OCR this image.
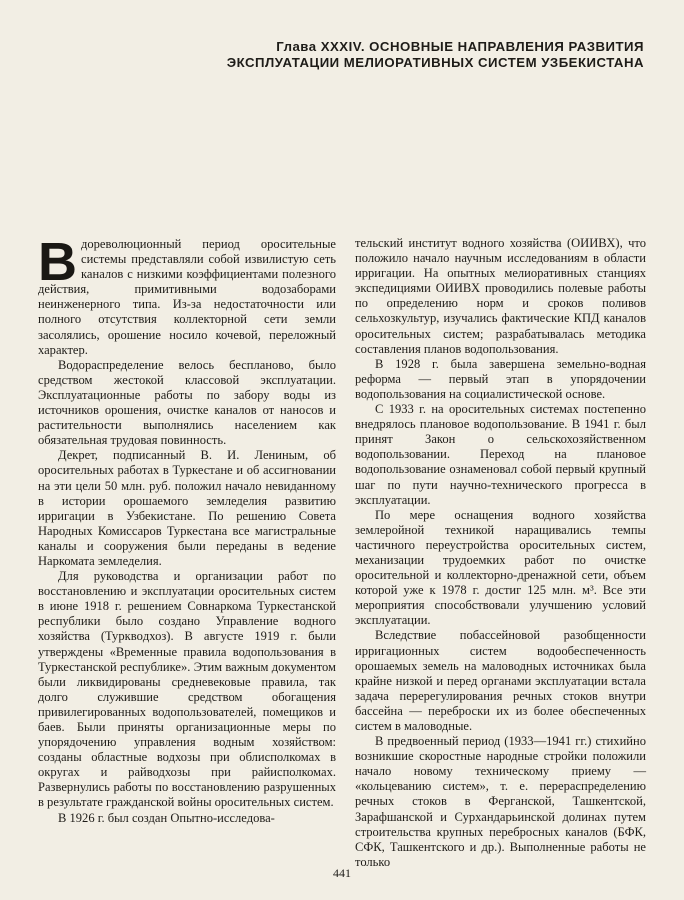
Глава XXXIV. ОСНОВНЫЕ НАПРАВЛЕНИЯ РАЗВИТИЯ
ЭКСПЛУАТАЦИИ МЕЛИОРАТИВНЫХ СИСТЕМ УЗБЕКИСТАНА

Вдореволюционный период оросительные системы представляли собой извилистую сеть каналов с низкими коэффициентами полезного действия, примитивными водозаборами неинженерного типа. Из-за недостаточности или полного отсутствия коллекторной сети земли засолялись, орошение носило кочевой, переложный характер.

Водораспределение велось бесплановo, было средством жестокой классовой эксплуатации. Эксплуатационные работы по забору воды из источников орошения, очистке каналов от наносов и растительности выполнялись населением как обязательная трудовая повинность.

Декрет, подписанный В. И. Лениным, об оросительных работах в Туркестане и об ассигновании на эти цели 50 млн. руб. положил начало невиданному в истории орошаемого земледелия развитию ирригации в Узбекистане. По решению Совета Народных Комиссаров Туркестана все магистральные каналы и сооружения были переданы в ведение Наркомата земледелия.

Для руководства и организации работ по восстановлению и эксплуатации оросительных систем в июне 1918 г. решением Совнаркома Туркестанской республики было создано Управление водного хозяйства (Турквoдхоз). В августе 1919 г. были утверждены «Временные правила водопользования в Туркестанской республике». Этим важным документом были ликвидированы средневековые правила, так долго служившие средством обогащения привилегированных водопользователей, помещиков и баев. Были приняты организационные меры по упорядочению управления водным хозяйством: созданы областные водхозы при облисполкомах в округах и райводхозы при райисполкомах. Развернулись работы по восстановлению разрушенных в результате гражданской войны оросительных систем.

В 1926 г. был создан Опытно-исследова-

тельский институт водного хозяйства (ОИИВХ), что положило начало научным исследованиям в области ирригации. На опытных мелиоративных станциях экспедициями ОИИВХ проводились полевые работы по определению норм и сроков поливов сельхозкультур, изучались фактические КПД каналов оросительных систем; разрабатывалась методика составления планов водопользования.

В 1928 г. была завершена земельно-водная реформа — первый этап в упорядочении водопользования на социалистической основе.

С 1933 г. на оросительных системах постепенно внедрялось плановое водопользование. В 1941 г. был принят Закон о сельскохозяйственном водопользовании. Переход на плановое водопользование ознаменовал собой первый крупный шаг по пути научно-технического прогресса в эксплуатации.

По мере оснащения водного хозяйства землеройной техникой наращивались темпы частичного переустройства оросительных систем, механизации трудоемких работ по очистке оросительной и коллекторно-дренажной сети, объем которой уже к 1978 г. достиг 125 млн. м³. Все эти мероприятия способствовали улучшению условий эксплуатации.

Вследствие побассейновой разобщенности ирригационных систем водообеспеченность орошаемых земель на маловодных источниках была крайне низкой и перед органами эксплуатации встала задача перерегулирования речных стоков внутри бассейна — переброски их из более обеспеченных систем в маловодные.

В предвоенный период (1933—1941 гг.) стихийно возникшие скоростные народные стройки положили начало новому техническому приему — «кольцеванию систем», т. е. перераспределению речных стоков в Ферганской, Ташкентской, Зарафшанской и Сурхандарьинской долинах путем строительства крупных перебросных каналов (БФК, СФК, Ташкентского и др.). Выполненные работы не только

441
